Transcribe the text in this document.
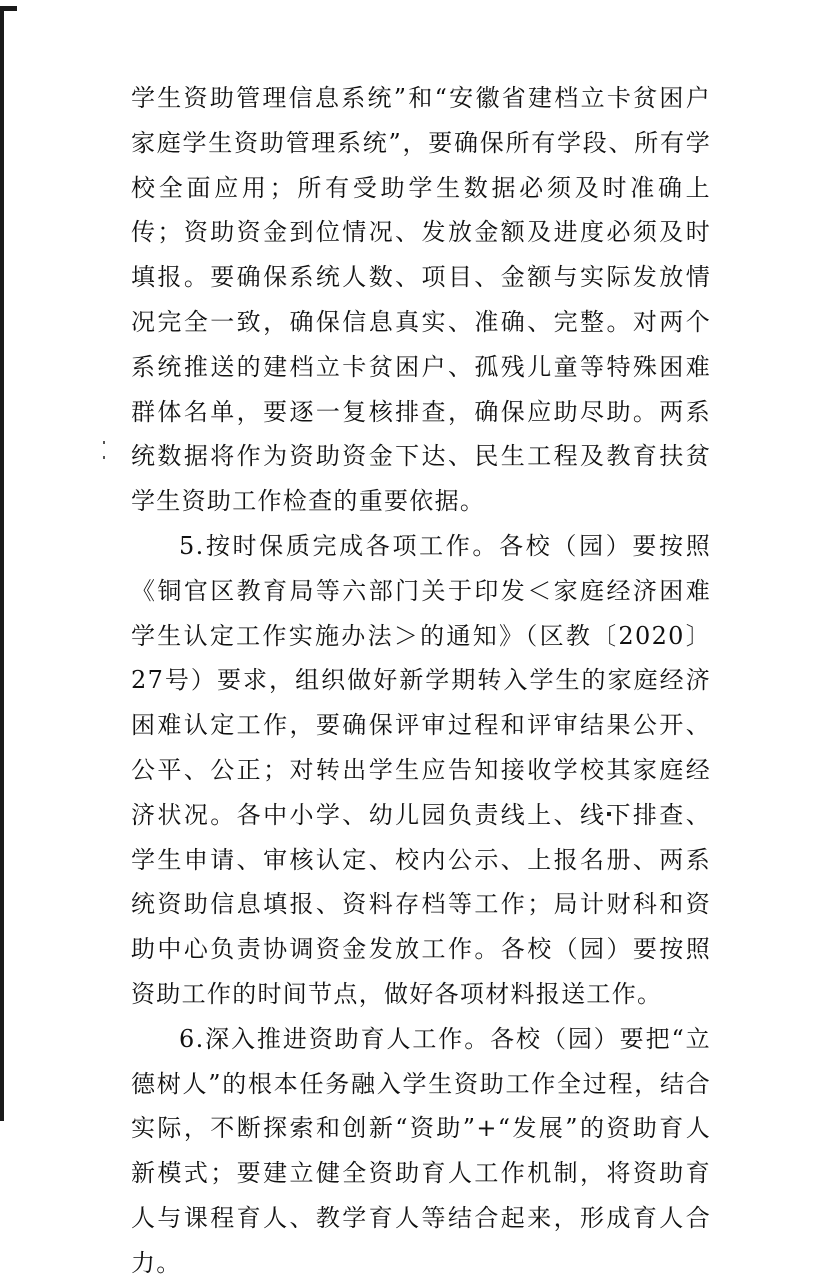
学生资助管理信息系统”和“安徽省建档立卡贫困户家庭学生资助管理系统”，要确保所有学段、所有学校全面应用；所有受助学生数据必须及时准确上传；资助资金到位情况、发放金额及进度必须及时填报。要确保系统人数、项目、金额与实际发放情况完全一致，确保信息真实、准确、完整。对两个系统推送的建档立卡贫困户、孤残儿童等特殊困难群体名单，要逐一复核排查，确保应助尽助。两系统数据将作为资助资金下达、民生工程及教育扶贫学生资助工作检查的重要依据。

5.按时保质完成各项工作。各校（园）要按照《铜官区教育局等六部门关于印发＜家庭经济困难学生认定工作实施办法＞的通知》（区教〔2020〕27号）要求，组织做好新学期转入学生的家庭经济困难认定工作，要确保评审过程和评审结果公开、公平、公正；对转出学生应告知接收学校其家庭经济状况。各中小学、幼儿园负责线上、线下排查、学生申请、审核认定、校内公示、上报名册、两系统资助信息填报、资料存档等工作；局计财科和资助中心负责协调资金发放工作。各校（园）要按照资助工作的时间节点，做好各项材料报送工作。

6.深入推进资助育人工作。各校（园）要把“立德树人”的根本任务融入学生资助工作全过程，结合实际，不断探索和创新“资助”+“发展”的资助育人新模式；要建立健全资助育人工作机制，将资助育人与课程育人、教学育人等结合起来，形成育人合力。
